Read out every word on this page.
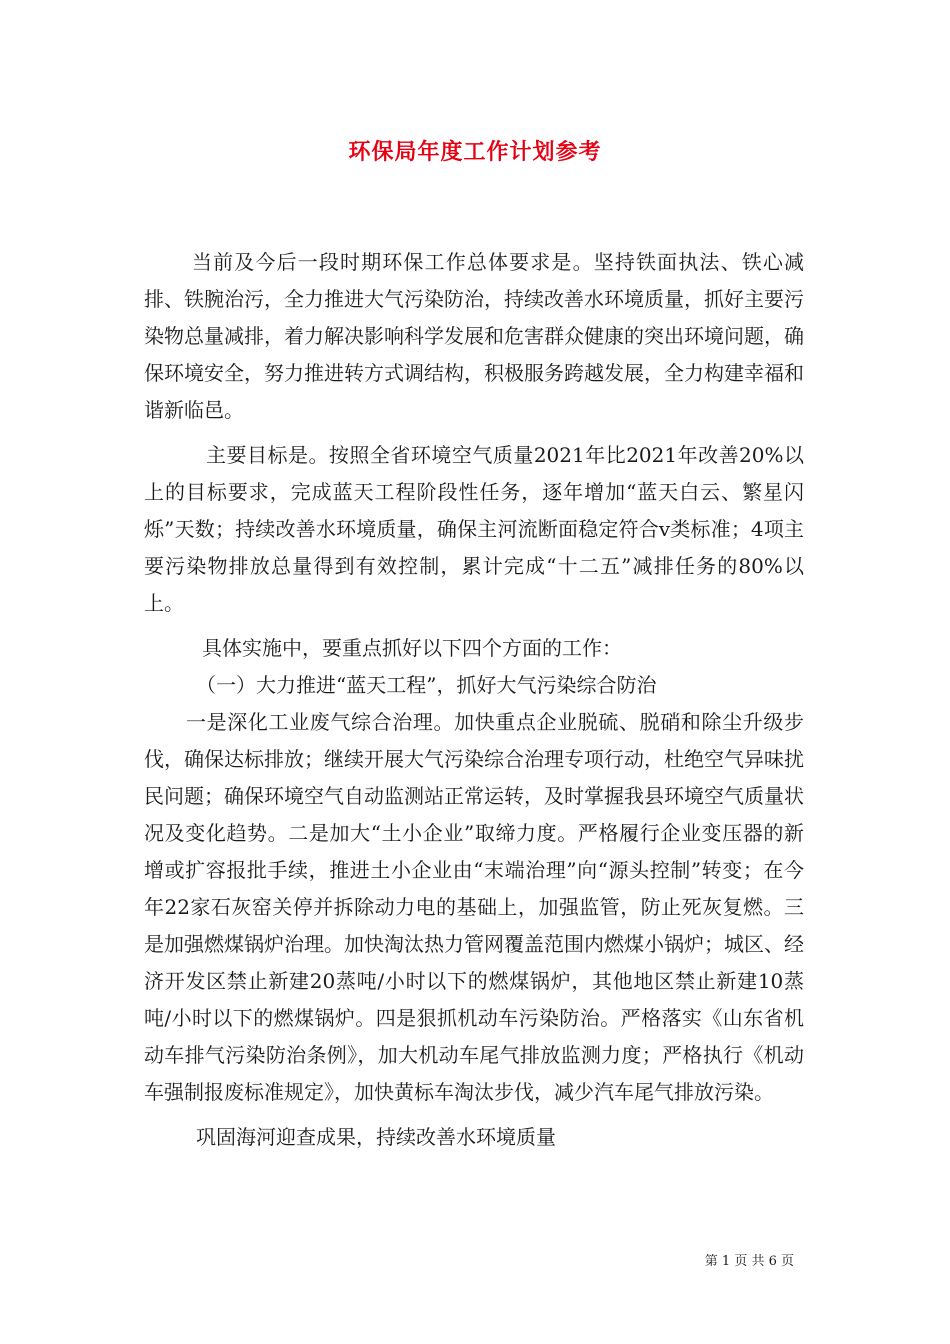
环保局年度工作计划参考

当前及今后一段时期环保工作总体要求是。坚持铁面执法、铁心减排、铁腕治污，全力推进大气污染防治，持续改善水环境质量，抓好主要污染物总量减排，着力解决影响科学发展和危害群众健康的突出环境问题，确保环境安全，努力推进转方式调结构，积极服务跨越发展，全力构建幸福和谐新临邑。

主要目标是。按照全省环境空气质量2021年比2021年改善20%以上的目标要求，完成蓝天工程阶段性任务，逐年增加“蓝天白云、繁星闪烁”天数；持续改善水环境质量，确保主河流断面稳定符合v类标准；4项主要污染物排放总量得到有效控制，累计完成“十二五”减排任务的80%以上。

具体实施中，要重点抓好以下四个方面的工作：

（一）大力推进“蓝天工程”，抓好大气污染综合防治

一是深化工业废气综合治理。加快重点企业脱硫、脱硝和除尘升级步伐，确保达标排放；继续开展大气污染综合治理专项行动，杜绝空气异味扰民问题；确保环境空气自动监测站正常运转，及时掌握我县环境空气质量状况及变化趋势。二是加大“土小企业”取缔力度。严格履行企业变压器的新增或扩容报批手续，推进土小企业由“末端治理”向“源头控制”转变；在今年22家石灰窑关停并拆除动力电的基础上，加强监管，防止死灰复燃。三是加强燃煤锅炉治理。加快淘汰热力管网覆盖范围内燃煤小锅炉；城区、经济开发区禁止新建20蒸吨/小时以下的燃煤锅炉，其他地区禁止新建10蒸吨/小时以下的燃煤锅炉。四是狠抓机动车污染防治。严格落实《山东省机动车排气污染防治条例》，加大机动车尾气排放监测力度；严格执行《机动车强制报废标准规定》，加快黄标车淘汰步伐，减少汽车尾气排放污染。

巩固海河迎查成果，持续改善水环境质量

第 1 页 共 6 页
